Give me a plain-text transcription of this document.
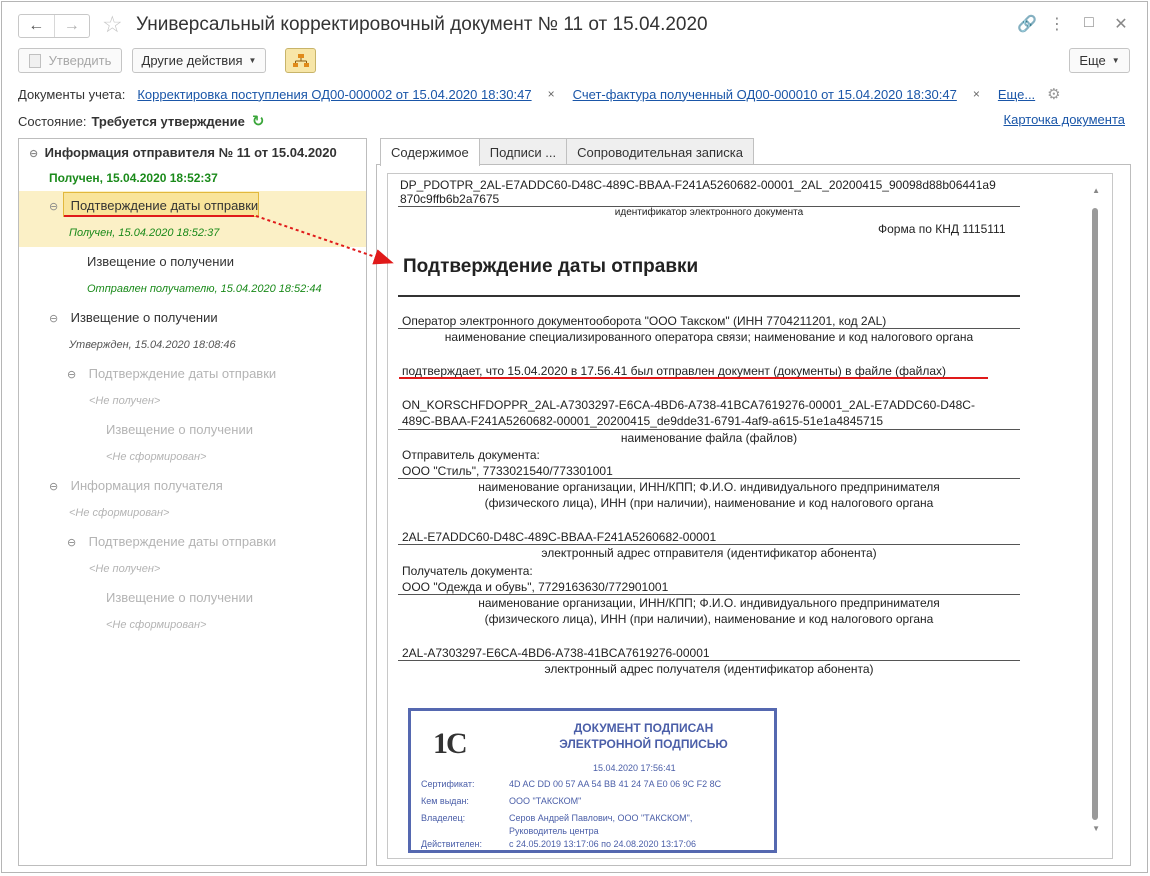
← → ☆ Универсальный корректировочный документ № 11 от 15.04.2020	🔗 ⋮ □ ✕
Утвердить Другие действия ▼	Еще ▼
Документы учета: Корректировка поступления ОД00-000002 от 15.04.2020 18:30:47 × Счет-фактура полученный ОД00-000010 от 15.04.2020 18:30:47 × Еще... ⚙
Состояние: Требуется утверждение ↻	Карточка документа
⊖ Информация отправителя № 11 от 15.04.2020
Получен, 15.04.2020 18:52:37
⊖ Подтверждение даты отправки
Получен, 15.04.2020 18:52:37
Извещение о получении
Отправлен получателю, 15.04.2020 18:52:44
⊖ Извещение о получении
Утвержден, 15.04.2020 18:08:46
⊖ Подтверждение даты отправки
<Не получен>
Извещение о получении
<Не сформирован>
⊖ Информация получателя
<Не сформирован>
⊖ Подтверждение даты отправки
<Не получен>
Извещение о получении
<Не сформирован>
Содержимое	Подписи ...	Сопроводительная записка
DP_PDOTPR_2AL-E7ADDC60-D48C-489C-BBAA-F241A5260682-00001_2AL_20200415_90098d88b06441a9
870c9ffb6b2a7675
идентификатор электронного документа
Форма по КНД 1115111
Подтверждение даты отправки
Оператор электронного документооборота "ООО Такском" (ИНН 7704211201, код 2AL)
наименование специализированного оператора связи; наименование и код налогового органа
подтверждает, что 15.04.2020 в 17.56.41 был отправлен документ (документы) в файле (файлах)
ON_KORSCHFDOPPR_2AL-A7303297-E6CA-4BD6-A738-41BCA7619276-00001_2AL-E7ADDC60-D48C-
489C-BBAA-F241A5260682-00001_20200415_de9dde31-6791-4af9-a615-51e1a4845715
наименование файла (файлов)
Отправитель документа:
ООО "Стиль", 7733021540/773301001
наименование организации, ИНН/КПП; Ф.И.О. индивидуального предпринимателя
(физического лица), ИНН (при наличии), наименование и код налогового органа
2AL-E7ADDC60-D48C-489C-BBAA-F241A5260682-00001
электронный адрес отправителя (идентификатор абонента)
Получатель документа:
ООО "Одежда и обувь", 7729163630/772901001
наименование организации, ИНН/КПП; Ф.И.О. индивидуального предпринимателя
(физического лица), ИНН (при наличии), наименование и код налогового органа
2AL-A7303297-E6CA-4BD6-A738-41BCA7619276-00001
электронный адрес получателя (идентификатор абонента)
1С	ДОКУМЕНТ ПОДПИСАН
ЭЛЕКТРОННОЙ ПОДПИСЬЮ
15.04.2020 17:56:41
Сертификат:	4D AC DD 00 57 AA 54 BB 41 24 7A E0 06 9C F2 8C
Кем выдан:	ООО "ТАКСКОМ"
Владелец:	Серов Андрей Павлович, ООО "ТАКСКОМ",
Руководитель центра
Действителен:	с 24.05.2019 13:17:06 по 24.08.2020 13:17:06
▲
▼
